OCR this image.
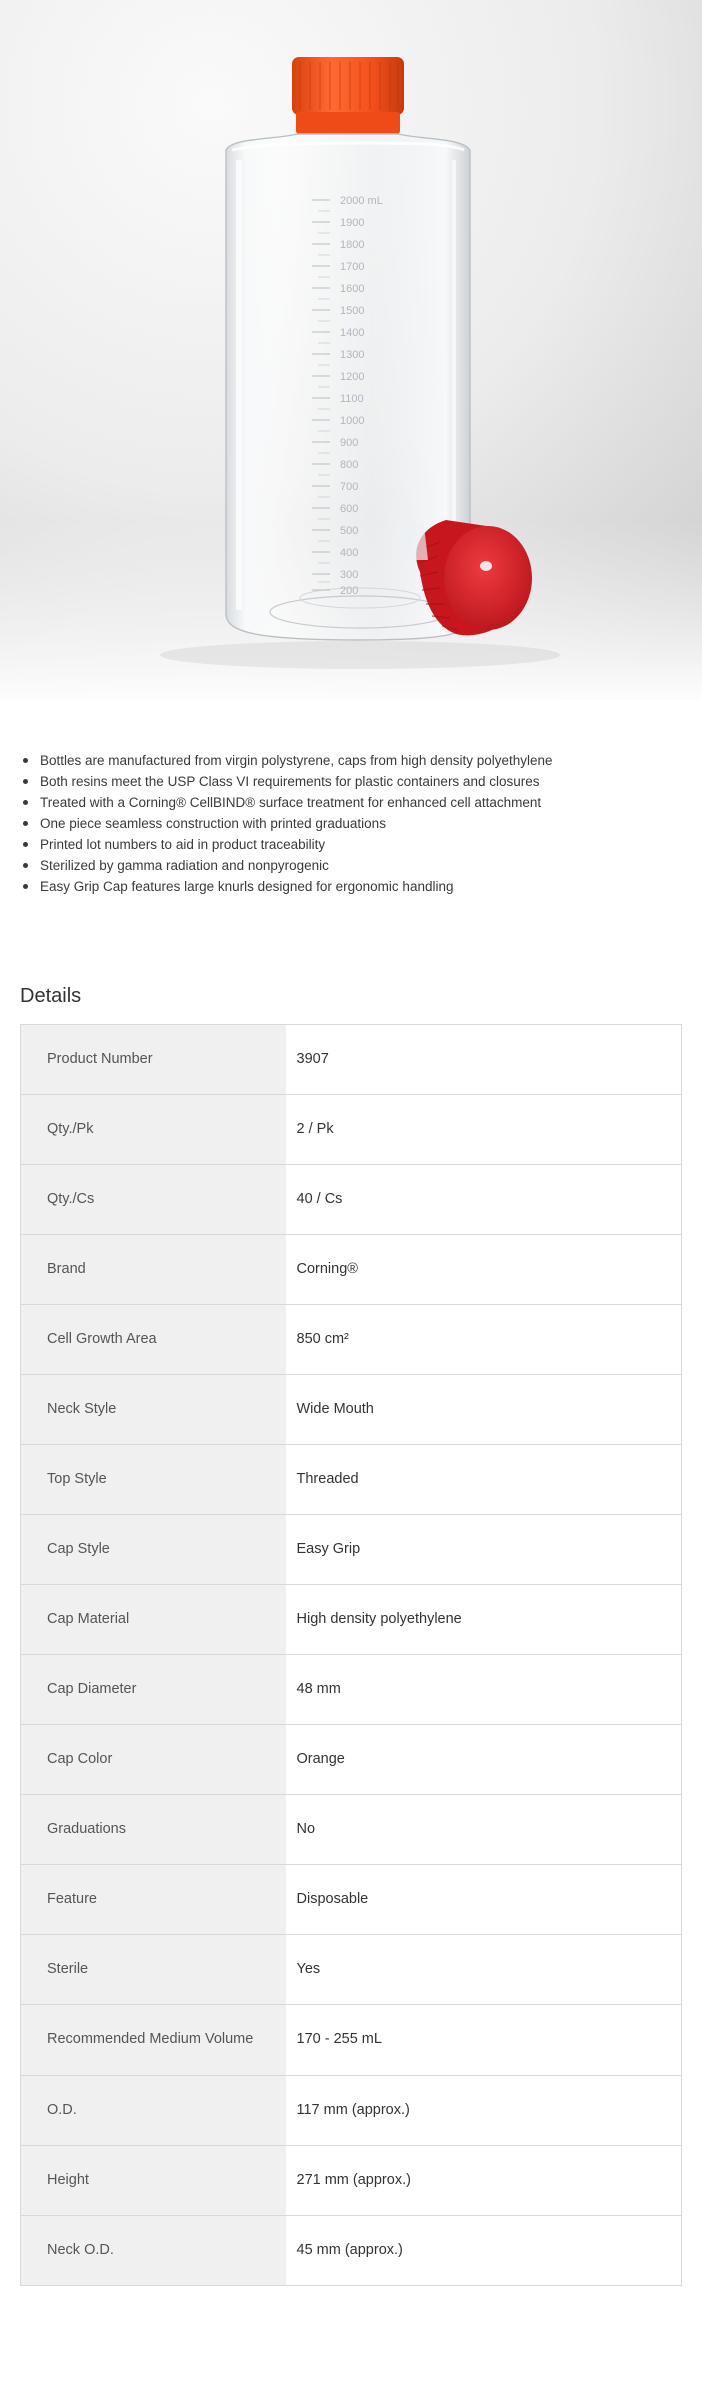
2000 mL
1900
1800
1700
1600
1500
1400
1300
1200
1100
1000
900
800
700
600
500
400
300
200
Bottles are manufactured from virgin polystyrene, caps from high density polyethylene
Both resins meet the USP Class VI requirements for plastic containers and closures
Treated with a Corning® CellBIND® surface treatment for enhanced cell attachment
One piece seamless construction with printed graduations
Printed lot numbers to aid in product traceability
Sterilized by gamma radiation and nonpyrogenic
Easy Grip Cap features large knurls designed for ergonomic handling
Details
Product Number	3907
Qty./Pk	2 / Pk
Qty./Cs	40 / Cs
Brand	Corning®
Cell Growth Area	850 cm²
Neck Style	Wide Mouth
Top Style	Threaded
Cap Style	Easy Grip
Cap Material	High density polyethylene
Cap Diameter	48 mm
Cap Color	Orange
Graduations	No
Feature	Disposable
Sterile	Yes
Recommended Medium Volume	170 - 255 mL
O.D.	117 mm (approx.)
Height	271 mm (approx.)
Neck O.D.	45 mm (approx.)
